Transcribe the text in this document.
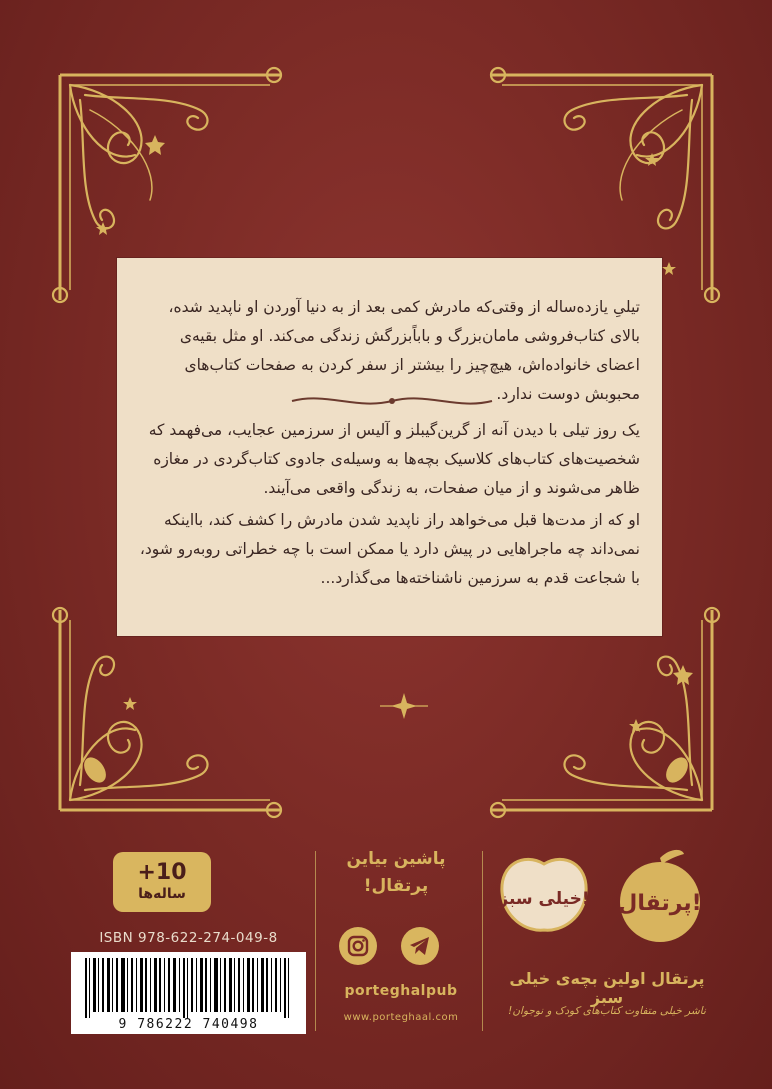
تیلیِ یازده‌ساله از وقتی‌که مادرش کمی بعد از به دنیا آوردن او ناپدید شده، بالای کتاب‌فروشی مامان‌بزرگ و باباًبزرگش زندگی می‌کند. او مثل بقیه‌ی اعضای خانواده‌اش، هیچ‌چیز را بیشتر از سفر کردن به صفحات کتاب‌های محبوبش دوست ندارد.
یک روز تیلی با دیدن آنه از گرین‌گیبلز و آلیس از سرزمین عجایب، می‌فهمد که شخصیت‌های کتاب‌های کلاسیک بچه‌ها به وسیله‌ی جادوی کتاب‌گردی در مغازه ظاهر می‌شوند و از میان صفحات، به زندگی واقعی می‌آیند.
او که از مدت‌ها قبل می‌خواهد راز ناپدید شدن مادرش را کشف کند، بااینکه نمی‌داند چه ماجراهایی در پیش دارد یا ممکن است با چه خطراتی روبه‌رو شود، با شجاعت قدم به سرزمین ناشناخته‌ها می‌گذارد...
+10
ساله‌ها
ISBN 978-622-274-049-8
9 786222 740498
پاشین بیاین
پرتقال!
porteghalpub
www.porteghaal.com
خیلی سبز! پرتقال!
پرتقال اولین بچه‌ی خیلی سبز
ناشر خیلی متفاوت کتاب‌های کودک و نوجوان!
